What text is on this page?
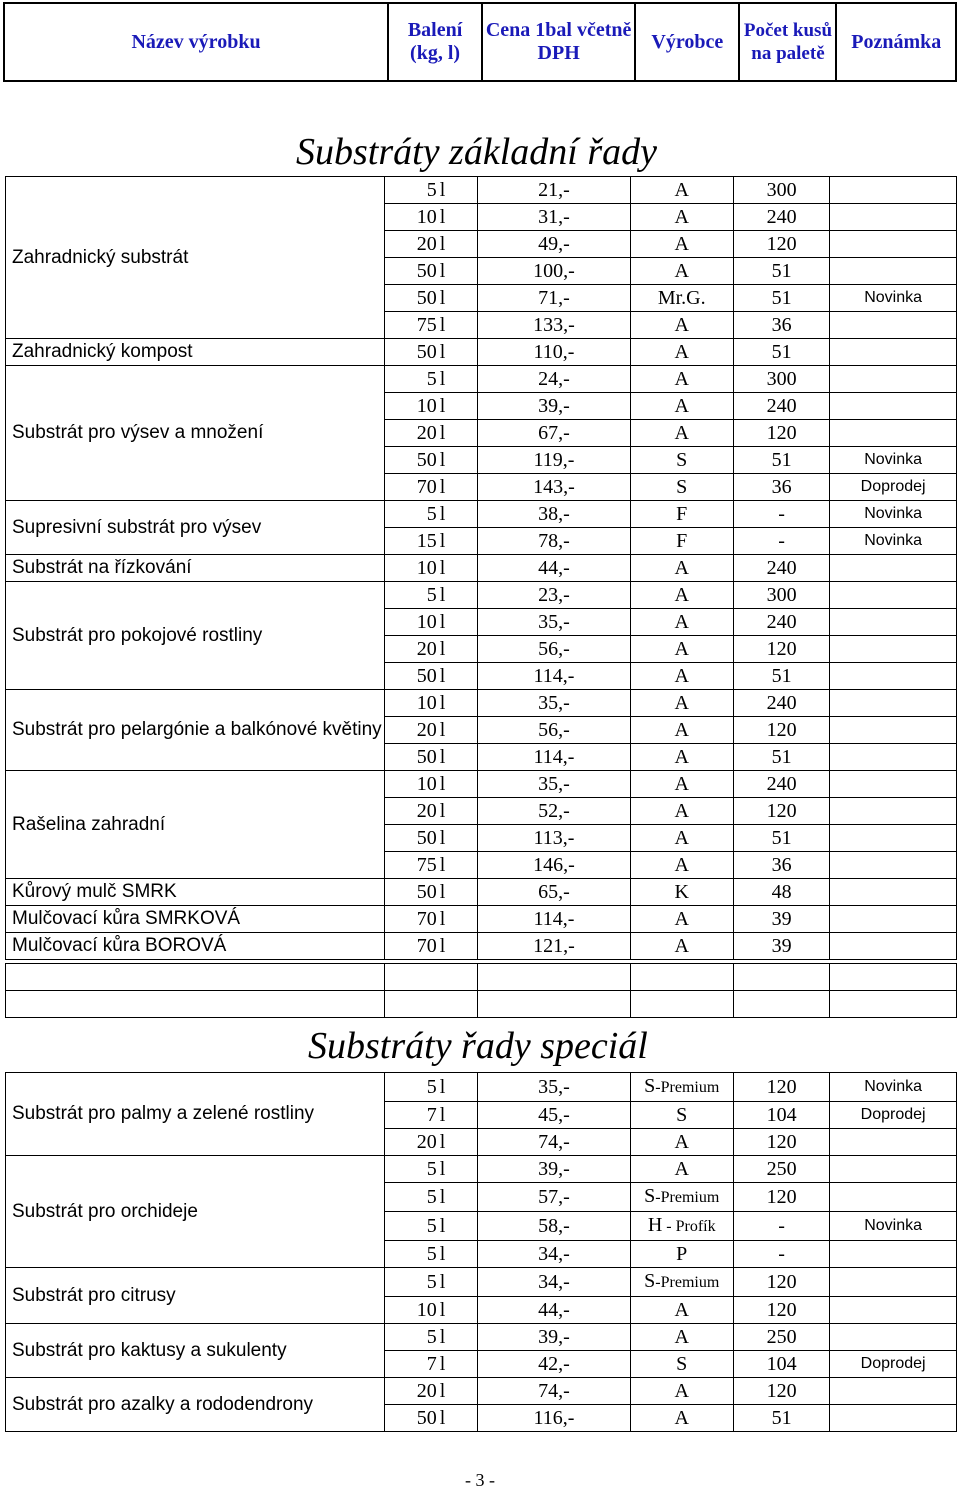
Název výrobku	Balení (kg, l)	Cena 1bal včetně DPH	Výrobce	Počet kusů na paletě	Poznámka
Substráty základní řady
Zahradnický substrát	5 l	21,-	A	300	
	10 l	31,-	A	240	
	20 l	49,-	A	120	
	50 l	100,-	A	51	
	50 l	71,-	Mr.G.	51	Novinka
	75 l	133,-	A	36	
Zahradnický kompost	50 l	110,-	A	51	
Substrát pro výsev a množení	5 l	24,-	A	300	
	10 l	39,-	A	240	
	20 l	67,-	A	120	
	50 l	119,-	S	51	Novinka
	70 l	143,-	S	36	Doprodej
Supresivní substrát pro výsev	5 l	38,-	F	-	Novinka
	15 l	78,-	F	-	Novinka
Substrát na řízkování	10 l	44,-	A	240	
Substrát pro pokojové rostliny	5 l	23,-	A	300	
	10 l	35,-	A	240	
	20 l	56,-	A	120	
	50 l	114,-	A	51	
Substrát pro pelargónie a balkónové květiny	10 l	35,-	A	240	
	20 l	56,-	A	120	
	50 l	114,-	A	51	
Rašelina zahradní	10 l	35,-	A	240	
	20 l	52,-	A	120	
	50 l	113,-	A	51	
	75 l	146,-	A	36	
Kůrový mulč SMRK	50 l	65,-	K	48	
Mulčovací kůra SMRKOVÁ	70 l	114,-	A	39	
Mulčovací kůra BOROVÁ	70 l	121,-	A	39	

Substráty řady speciál
Substrát pro palmy a zelené rostliny	5 l	35,-	S-Premium	120	Novinka
	7 l	45,-	S	104	Doprodej
	20 l	74,-	A	120	
Substrát pro orchideje	5 l	39,-	A	250	
	5 l	57,-	S-Premium	120	
	5 l	58,-	H - Profík	-	Novinka
	5 l	34,-	P	-	
Substrát pro citrusy	5 l	34,-	S-Premium	120	
	10 l	44,-	A	120	
Substrát pro kaktusy a sukulenty	5 l	39,-	A	250	
	7 l	42,-	S	104	Doprodej
Substrát pro azalky a rododendrony	20 l	74,-	A	120	
	50 l	116,-	A	51	
- 3 -
